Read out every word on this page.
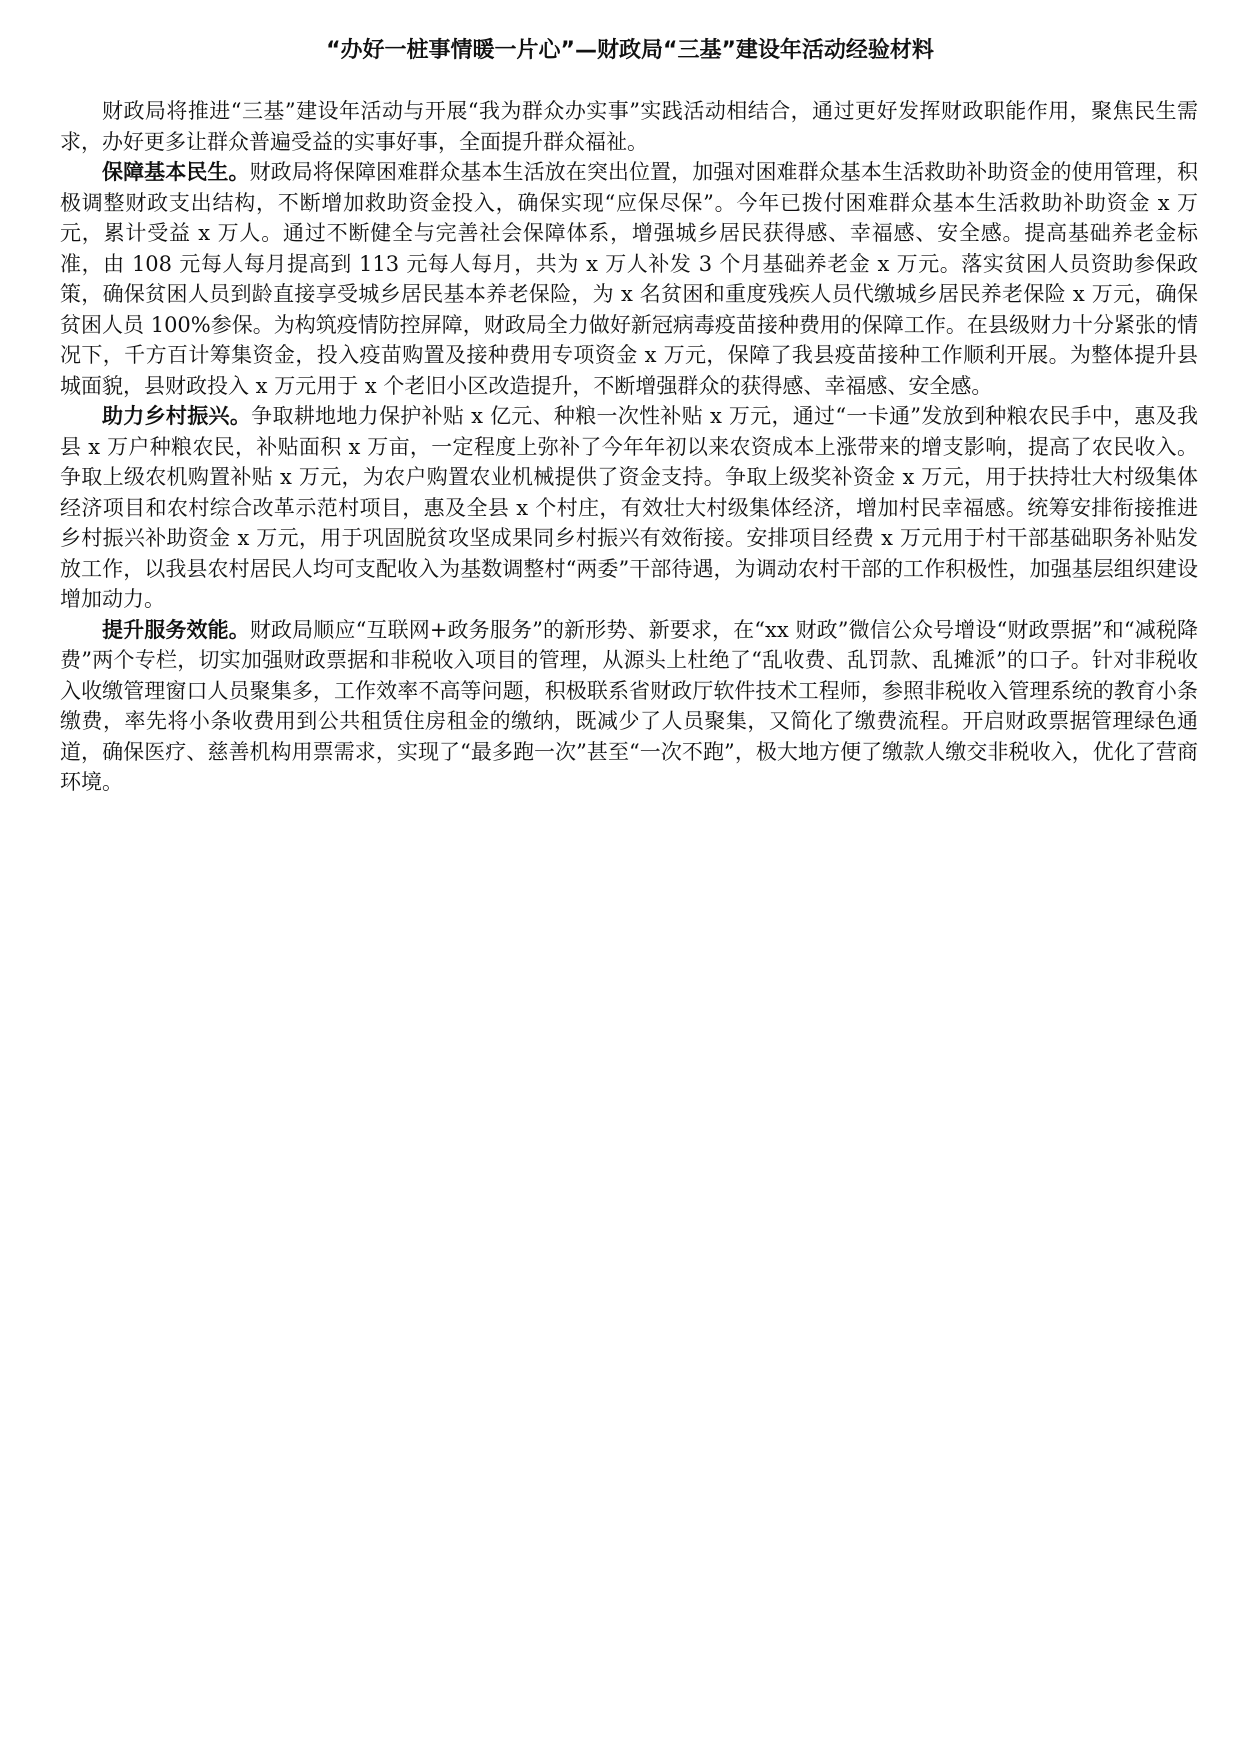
“办好一桩事情暖一片心”—财政局“三基”建设年活动经验材料

财政局将推进“三基”建设年活动与开展“我为群众办实事”实践活动相结合，通过更好发挥财政职能作用，聚焦民生需求，办好更多让群众普遍受益的实事好事，全面提升群众福祉。

保障基本民生。财政局将保障困难群众基本生活放在突出位置，加强对困难群众基本生活救助补助资金的使用管理，积极调整财政支出结构，不断增加救助资金投入，确保实现“应保尽保”。今年已拨付困难群众基本生活救助补助资金 x 万元，累计受益 x 万人。通过不断健全与完善社会保障体系，增强城乡居民获得感、幸福感、安全感。提高基础养老金标准，由 108 元每人每月提高到 113 元每人每月，共为 x 万人补发 3 个月基础养老金 x 万元。落实贫困人员资助参保政策，确保贫困人员到龄直接享受城乡居民基本养老保险，为 x 名贫困和重度残疾人员代缴城乡居民养老保险 x 万元，确保贫困人员 100%参保。为构筑疫情防控屏障，财政局全力做好新冠病毒疫苗接种费用的保障工作。在县级财力十分紧张的情况下，千方百计筹集资金，投入疫苗购置及接种费用专项资金 x 万元，保障了我县疫苗接种工作顺利开展。为整体提升县城面貌，县财政投入 x 万元用于 x 个老旧小区改造提升，不断增强群众的获得感、幸福感、安全感。

助力乡村振兴。争取耕地地力保护补贴 x 亿元、种粮一次性补贴 x 万元，通过“一卡通”发放到种粮农民手中，惠及我县 x 万户种粮农民，补贴面积 x 万亩，一定程度上弥补了今年年初以来农资成本上涨带来的增支影响，提高了农民收入。争取上级农机购置补贴 x 万元，为农户购置农业机械提供了资金支持。争取上级奖补资金 x 万元，用于扶持壮大村级集体经济项目和农村综合改革示范村项目，惠及全县 x 个村庄，有效壮大村级集体经济，增加村民幸福感。统筹安排衔接推进乡村振兴补助资金 x 万元，用于巩固脱贫攻坚成果同乡村振兴有效衔接。安排项目经费 x 万元用于村干部基础职务补贴发放工作，以我县农村居民人均可支配收入为基数调整村“两委”干部待遇，为调动农村干部的工作积极性，加强基层组织建设增加动力。

提升服务效能。财政局顺应“互联网+政务服务”的新形势、新要求，在“xx 财政”微信公众号增设“财政票据”和“减税降费”两个专栏，切实加强财政票据和非税收入项目的管理，从源头上杜绝了“乱收费、乱罚款、乱摊派”的口子。针对非税收入收缴管理窗口人员聚集多，工作效率不高等问题，积极联系省财政厅软件技术工程师，参照非税收入管理系统的教育小条缴费，率先将小条收费用到公共租赁住房租金的缴纳，既减少了人员聚集，又简化了缴费流程。开启财政票据管理绿色通道，确保医疗、慈善机构用票需求，实现了“最多跑一次”甚至“一次不跑”，极大地方便了缴款人缴交非税收入，优化了营商环境。
